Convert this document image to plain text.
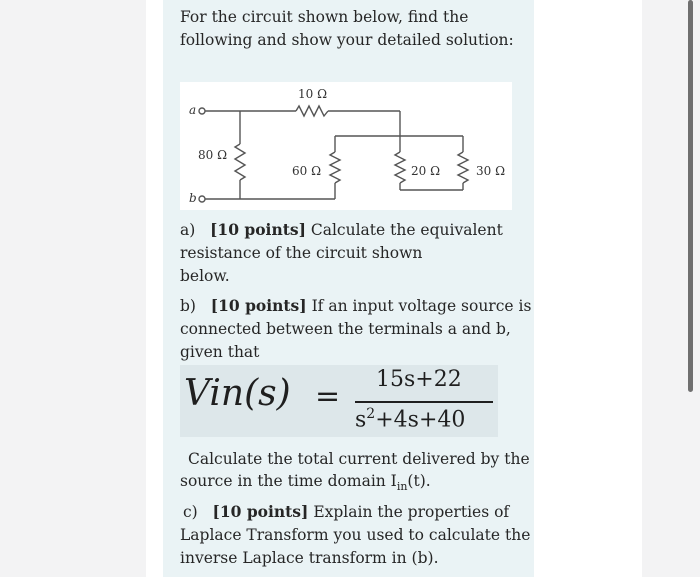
For the circuit shown below, find the

following and show your detailed solution:

a
b
10 Ω
80 Ω
60 Ω	20 Ω	30 Ω

a) [10 points] Calculate the equivalent

resistance of the circuit shown

below.

b) [10 points] If an input voltage source is

connected between the terminals a and b,

given that

Vin(s) = 15s+22
$s^2+4s+40$

Calculate the total current delivered by the

source in the time domain $I_{in}(t)$.

c) [10 points] Explain the properties of

Laplace Transform you used to calculate the

inverse Laplace transform in (b).
